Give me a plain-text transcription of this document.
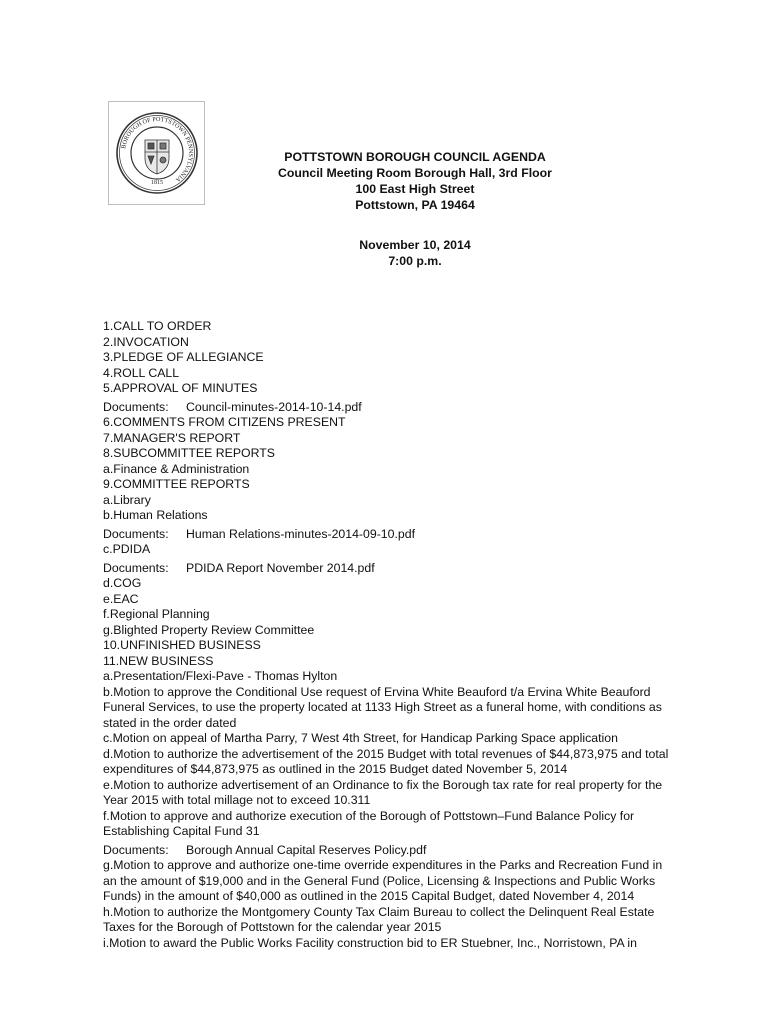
BOROUGH OF POTTSTOWN PENNSYLVANIA
1815
POTTSTOWN BOROUGH COUNCIL AGENDA
Council Meeting Room Borough Hall, 3rd Floor
100 East High Street
Pottstown, PA 19464
November 10, 2014
7:00 p.m.
1.CALL TO ORDER
2.INVOCATION
3.PLEDGE OF ALLEGIANCE
4.ROLL CALL
5.APPROVAL OF MINUTES
Documents: Council-minutes-2014-10-14.pdf
6.COMMENTS FROM CITIZENS PRESENT
7.MANAGER'S REPORT
8.SUBCOMMITTEE REPORTS
a.Finance & Administration
9.COMMITTEE REPORTS
a.Library
b.Human Relations
Documents: Human Relations-minutes-2014-09-10.pdf
c.PDIDA
Documents: PDIDA Report November 2014.pdf
d.COG
e.EAC
f.Regional Planning
g.Blighted Property Review Committee
10.UNFINISHED BUSINESS
11.NEW BUSINESS
a.Presentation/Flexi-Pave - Thomas Hylton
b.Motion to approve the Conditional Use request of Ervina White Beauford t/a Ervina White Beauford Funeral Services, to use the property located at 1133 High Street as a funeral home, with conditions as stated in the order dated
c.Motion on appeal of Martha Parry, 7 West 4th Street, for Handicap Parking Space application
d.Motion to authorize the advertisement of the 2015 Budget with total revenues of $44,873,975 and total expenditures of $44,873,975 as outlined in the 2015 Budget dated November 5, 2014
e.Motion to authorize advertisement of an Ordinance to fix the Borough tax rate for real property for the Year 2015 with total millage not to exceed 10.311
f.Motion to approve and authorize execution of the Borough of Pottstown–Fund Balance Policy for Establishing Capital Fund 31
Documents: Borough Annual Capital Reserves Policy.pdf
g.Motion to approve and authorize one-time override expenditures in the Parks and Recreation Fund in an the amount of $19,000 and in the General Fund (Police, Licensing & Inspections and Public Works Funds) in the amount of $40,000 as outlined in the 2015 Capital Budget, dated November 4, 2014
h.Motion to authorize the Montgomery County Tax Claim Bureau to collect the Delinquent Real Estate Taxes for the Borough of Pottstown for the calendar year 2015
i.Motion to award the Public Works Facility construction bid to ER Stuebner, Inc., Norristown, PA in
